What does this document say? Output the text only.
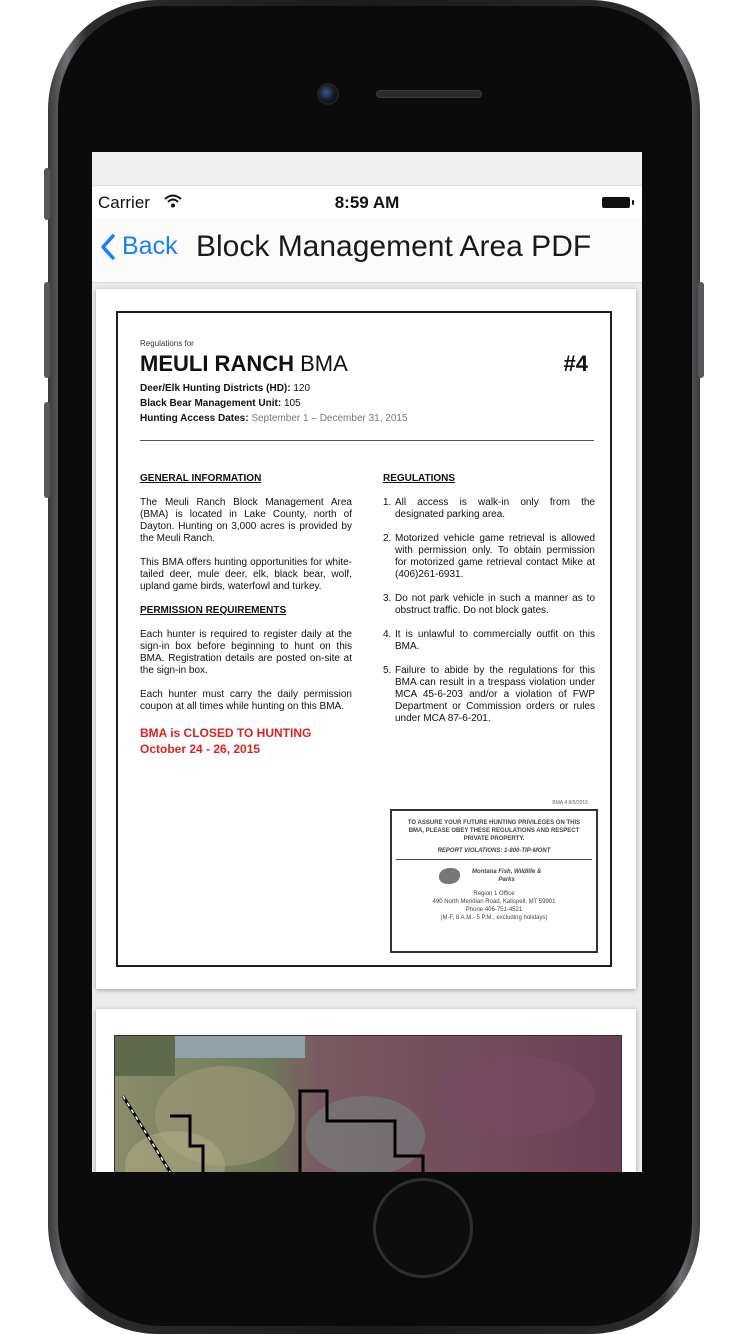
Carrier	8:59 AM
Back Block Management Area PDF
Regulations for
MEULI RANCH BMA	#4
Deer/Elk Hunting Districts (HD): 120
Black Bear Management Unit: 105
Hunting Access Dates: September 1 – December 31, 2015
GENERAL INFORMATION

The Meuli Ranch Block Management Area (BMA) is located in Lake County, north of Dayton. Hunting on 3,000 acres is provided by the Meuli Ranch.

This BMA offers hunting opportunities for white-tailed deer, mule deer, elk, black bear, wolf, upland game birds, waterfowl and turkey.

PERMISSION REQUIREMENTS

Each hunter is required to register daily at the sign-in box before beginning to hunt on this BMA. Registration details are posted on-site at the sign-in box.

Each hunter must carry the daily permission coupon at all times while hunting on this BMA.

BMA is CLOSED TO HUNTING
October 24 - 26, 2015
REGULATIONS
1. All access is walk-in only from the designated parking area.
2. Motorized vehicle game retrieval is allowed with permission only. To obtain permission for motorized game retrieval contact Mike at (406)261-6931.
3. Do not park vehicle in such a manner as to obstruct traffic. Do not block gates.
4. It is unlawful to commercially outfit on this BMA.
5. Failure to abide by the regulations for this BMA can result in a trespass violation under MCA 45-6-203 and/or a violation of FWP Department or Commission orders or rules under MCA 87-6-201.
BMA 4 8/5/2015
TO ASSURE YOUR FUTURE HUNTING PRIVILEGES ON THIS BMA, PLEASE OBEY THESE REGULATIONS AND RESPECT PRIVATE PROPERTY.
REPORT VIOLATIONS: 1-800-TIP-MONT
Montana Fish, Wildlife & Parks
Region 1 Office
490 North Meridian Road, Kalispell, MT 59901
Phone 406-751-4521
(M-F, 8 A.M.- 5 P.M., excluding holidays)
